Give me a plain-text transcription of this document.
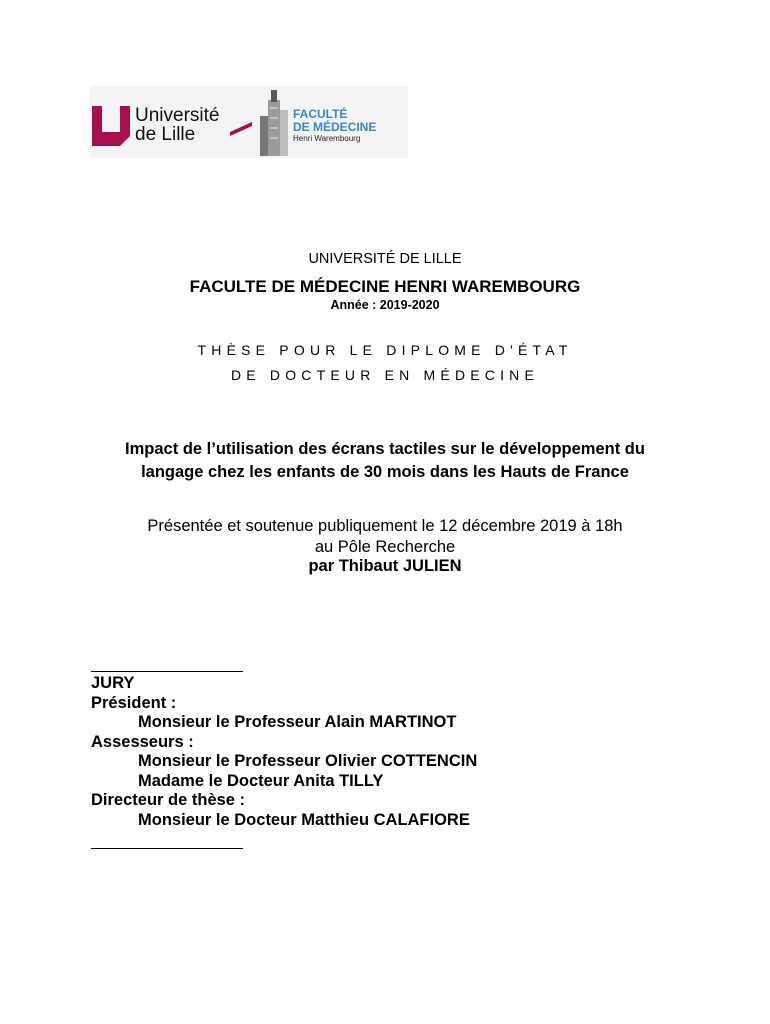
Université
de Lille
FACULTÉ
DE MÉDECINE
Henri Warembourg
UNIVERSITÉ DE LILLE
FACULTE DE MÉDECINE HENRI WAREMBOURG
Année : 2019-2020
THÈSE POUR LE DIPLOME D'ÉTAT
DE DOCTEUR EN MÉDECINE
Impact de l’utilisation des écrans tactiles sur le développement du
langage chez les enfants de 30 mois dans les Hauts de France
Présentée et soutenue publiquement le 12 décembre 2019 à 18h
au Pôle Recherche
par Thibaut JULIEN
JURY
Président :
Monsieur le Professeur Alain MARTINOT
Assesseurs :
Monsieur le Professeur Olivier COTTENCIN
Madame le Docteur Anita TILLY
Directeur de thèse :
Monsieur le Docteur Matthieu CALAFIORE
